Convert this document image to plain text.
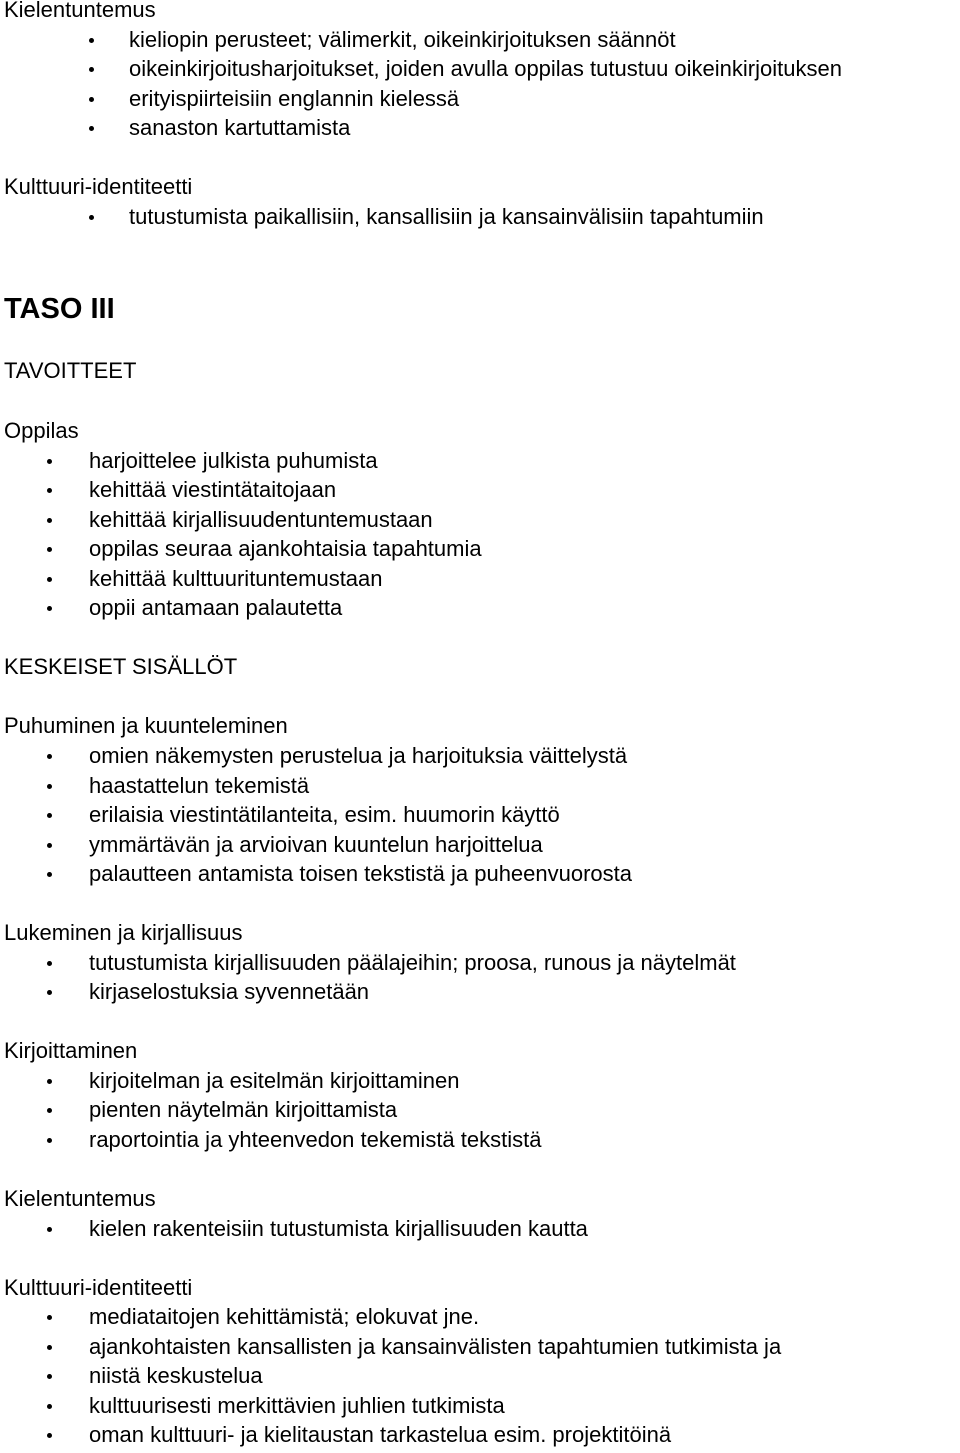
Kielentuntemus
kieliopin perusteet; välimerkit, oikeinkirjoituksen säännöt
oikeinkirjoitusharjoitukset, joiden avulla oppilas tutustuu oikeinkirjoituksen
erityispiirteisiin englannin kielessä
sanaston kartuttamista
Kulttuuri-identiteetti
tutustumista paikallisiin, kansallisiin ja kansainvälisiin tapahtumiin
TASO III
TAVOITTEET
Oppilas
harjoittelee julkista puhumista
kehittää viestintätaitojaan
kehittää kirjallisuudentuntemustaan
oppilas seuraa ajankohtaisia tapahtumia
kehittää kulttuurituntemustaan
oppii antamaan palautetta
KESKEISET SISÄLLÖT
Puhuminen ja kuunteleminen
omien näkemysten perustelua ja harjoituksia väittelystä
haastattelun tekemistä
erilaisia viestintätilanteita, esim. huumorin käyttö
ymmärtävän ja arvioivan kuuntelun harjoittelua
palautteen antamista toisen tekstistä ja puheenvuorosta
Lukeminen ja kirjallisuus
tutustumista kirjallisuuden päälajeihin; proosa, runous ja näytelmät
kirjaselostuksia syvennetään
Kirjoittaminen
kirjoitelman ja esitelmän kirjoittaminen
pienten näytelmän kirjoittamista
raportointia ja yhteenvedon tekemistä tekstistä
Kielentuntemus
kielen rakenteisiin tutustumista kirjallisuuden kautta
Kulttuuri-identiteetti
mediataitojen kehittämistä; elokuvat jne.
ajankohtaisten kansallisten ja kansainvälisten tapahtumien tutkimista ja
niistä keskustelua
kulttuurisesti merkittävien juhlien tutkimista
oman kulttuuri- ja kielitaustan tarkastelua esim. projektitöinä
